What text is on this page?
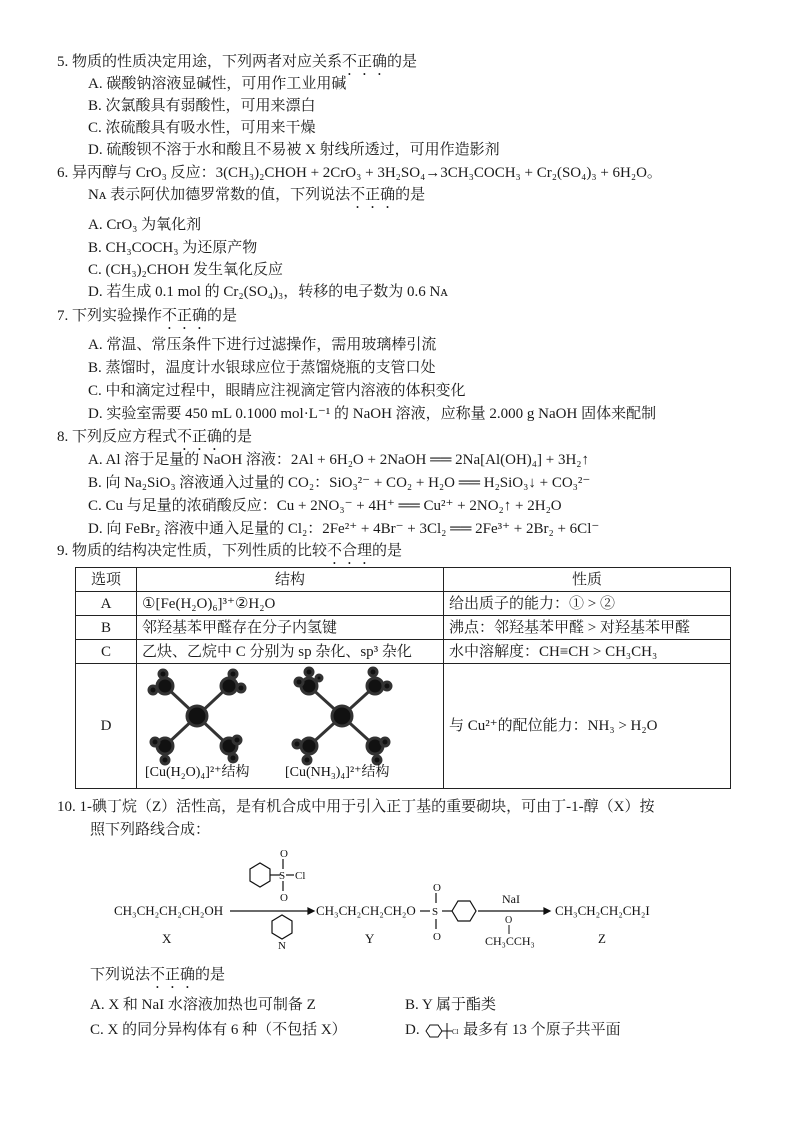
5. 物质的性质决定用途，下列两者对应关系不正确的是
A. 碳酸钠溶液显碱性，可用作工业用碱
B. 次氯酸具有弱酸性，可用来漂白
C. 浓硫酸具有吸水性，可用来干燥
D. 硫酸钡不溶于水和酸且不易被 X 射线所透过，可用作造影剂
6. 异丙醇与 CrO₃ 反应：3(CH₃)₂CHOH + 2CrO₃ + 3H₂SO₄→3CH₃COCH₃ + Cr₂(SO₄)₃ + 6H₂O。
Nᴀ 表示阿伏加德罗常数的值，下列说法不正确的是
A. CrO₃ 为氧化剂
B. CH₃COCH₃ 为还原产物
C. (CH₃)₂CHOH 发生氧化反应
D. 若生成 0.1 mol 的 Cr₂(SO₄)₃，转移的电子数为 0.6 Nᴀ
7. 下列实验操作不正确的是
A. 常温、常压条件下进行过滤操作，需用玻璃棒引流
B. 蒸馏时，温度计水银球应位于蒸馏烧瓶的支管口处
C. 中和滴定过程中，眼睛应注视滴定管内溶液的体积变化
D. 实验室需要 450 mL 0.1000 mol·L⁻¹ 的 NaOH 溶液，应称量 2.000 g NaOH 固体来配制
8. 下列反应方程式不正确的是
A. Al 溶于足量的 NaOH 溶液：2Al + 6H₂O + 2NaOH ══ 2Na[Al(OH)₄] + 3H₂↑
B. 向 Na₂SiO₃ 溶液通入过量的 CO₂：SiO₃²⁻ + CO₂ + H₂O ══ H₂SiO₃↓ + CO₃²⁻
C. Cu 与足量的浓硝酸反应：Cu + 2NO₃⁻ + 4H⁺ ══ Cu²⁺ + 2NO₂↑ + 2H₂O
D. 向 FeBr₂ 溶液中通入足量的 Cl₂：2Fe²⁺ + 4Br⁻ + 3Cl₂ ══ 2Fe³⁺ + 2Br₂ + 6Cl⁻
9. 物质的结构决定性质，下列性质的比较不合理的是
选项	结构	性质
A	①[Fe(H₂O)₆]³⁺②H₂O	给出质子的能力：① > ②
B	邻羟基苯甲醛存在分子内氢键	沸点：邻羟基苯甲醛 > 对羟基苯甲醛
C	乙炔、乙烷中 C 分别为 sp 杂化、sp³ 杂化	水中溶解度：CH≡CH > CH₃CH₃
D	[Cu(H₂O)₄]²⁺结构 [Cu(NH₃)₄]²⁺结构	与 Cu²⁺的配位能力：NH₃ > H₂O
10. 1-碘丁烷（Z）活性高，是有机合成中用于引入正丁基的重要砌块，可由丁-1-醇（X）按
照下列路线合成：
CH₃CH₂CH₂CH₂OH
X
S
O
O
Cl
N
CH₃CH₂CH₂CH₂O
Y
S
O
O
NaI
CH₃CCH₃
O
CH₃CH₂CH₂CH₂I
Z
下列说法不正确的是
A. X 和 NaI 水溶液加热也可制备 Z	B. Y 属于酯类
C. X 的同分异构体有 6 种（不包括 X）	D.	Cl 最多有 13 个原子共平面
